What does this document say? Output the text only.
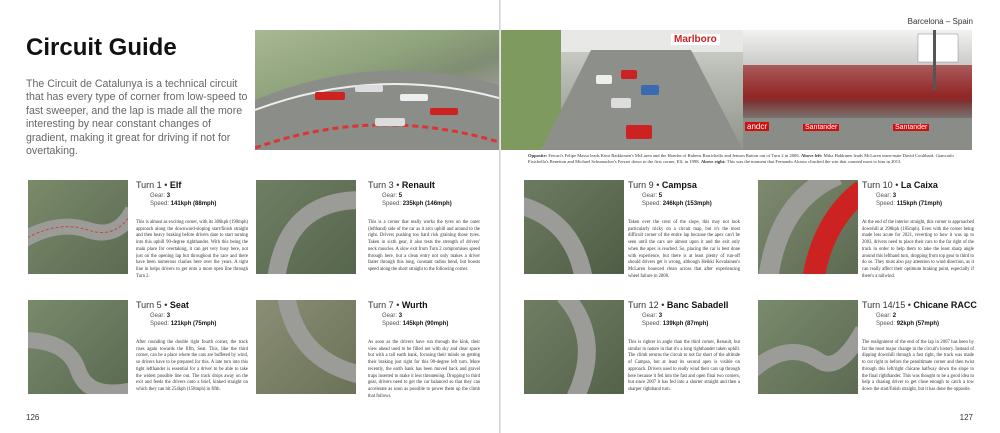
Circuit Guide
The Circuit de Catalunya is a technical circuit that has every type of corner from low-speed to fast sweeper, and the lap is made all the more interesting by near constant changes of gradient, making it great for driving if not for overtaking.
Barcelona – Spain
Marlboro
Santander	Santander
andcr
Opposite: Ferrari's Felipe Massa leads Kimi Raikkonen's McLaren and the Hondas of Rubens Barrichello and Jenson Button out of Turn 2 in 2006. Above left: Mika Hakkinen leads McLaren team-mate David Coulthard, Giancarlo Fisichella's Benetton and Michael Schumacher's Ferrari down to the first corner, Elf, in 1998. Above right: This was the moment that Fernando Alonso clinched the win that counted most to him in 2013.
Turn 1 • Elf
Gear: 3
Speed: 141kph (88mph)
This is almost as exciting corner, with its 306kph (190mph) approach along the downward-sloping start/finish straight and then heavy braking before drivers dare to start turning into this uphill 90-degree righthander. With this being the main place for overtaking, it can get very busy here, not just on the opening lap but throughout the race and there have been numerous clashes here over the years. A tight line in helps drivers to get onto a more open line through Turn 2.
Turn 3 • Renault
Gear: 5
Speed: 235kph (146mph)
This is a corner that really works the tyres on the outer (lefthand) side of the car as it arcs uphill and around to the right. Drivers pushing too hard risk graining those tyres. Taken in sixth gear, it also tests the strength of drivers' neck muscles. A slow exit from Turn 2 compromises speed through here, but a clean entry not only makes a driver faster through this long, constant radius bend, but boosts speed along the short straight to the following corner.
Turn 9 • Campsa
Gear: 5
Speed: 246kph (153mph)
Taken over the crest of the slope, this may not look particularly tricky on a circuit map, but it's the most difficult corner of the entire lap because the apex can't be seen until the cars are almost upon it and the exit only when the apex is reached. So, placing the car is best done with experience, but there is at least plenty of run-off should drivers get it wrong, although Heikki Kovalainen's McLaren bounced clean across that after experiencing wheel failure in 2008.
Turn 10 • La Caixa
Gear: 3
Speed: 115kph (71mph)
At the end of the interior straight, this corner is approached downhill at 298kph (185mph). Even with the corner being made less acute for 2021, reverting to how it was up to 2003, drivers need to place their cars to the far right of the track in order to help them to take the least sharp angle around this lefthand turn, dropping from top gear to third to do so. They must also pay attention to wind direction, as it can really affect their optimum braking point, especially if there's a tailwind.
Turn 5 • Seat
Gear: 3
Speed: 121kph (75mph)
After rounding the double right fourth corner, the track rises again towards the fifth, Seat. This, like the third corner, can be a place where the cars are buffeted by wind, so drivers have to be prepared for this. A late turn into this tight lefthander is essential for a driver to be able to take the widest possible line out. The track drops away on the exit and feeds the drivers onto a brief, kinked straight on which they can hit 254kph (158mph) in fifth.
Turn 7 • Wurth
Gear: 3
Speed: 145kph (90mph)
As soon as the drivers have run through the kink, their view ahead used to be filled not with sky and clear space but with a tall earth bank, focusing their minds on getting their braking just right for this 90-degree left turn. More recently, the earth bank has been moved back and gravel traps inserted to make it less threatening. Dropping to third gear, drivers need to get the car balanced so that they can accelerate as soon as possible to power them up the climb that follows.
Turn 12 • Banc Sabadell
Gear: 3
Speed: 139kph (87mph)
This is righter in angle than the third corner, Renault, but similar in nature in that it's a long righthander taken uphill. The climb returns the circuit to not far short of the altitude of Campsa, but at least its second apex is visible on approach. Drivers used to really wind their cars up through here because it fed into the fast and open final two corners, but since 2007 it has fed into a shorter straight and then a sharper righthand turn.
Turn 14/15 • Chicane RACC
Gear: 2
Speed: 92kph (57mph)
The realignment of the end of the lap in 2007 has been by far the most major change in the circuit's history. Instead of dipping downhill through a fast right, the track was made to cut right to before the penultimate corner and then twist through this left/right chicane halfway down the slope to the final righthander. This was thought to be a good idea to help a chasing driver to get close enough to catch a tow down the start/finish straight, but it has done the opposite.
126	127
